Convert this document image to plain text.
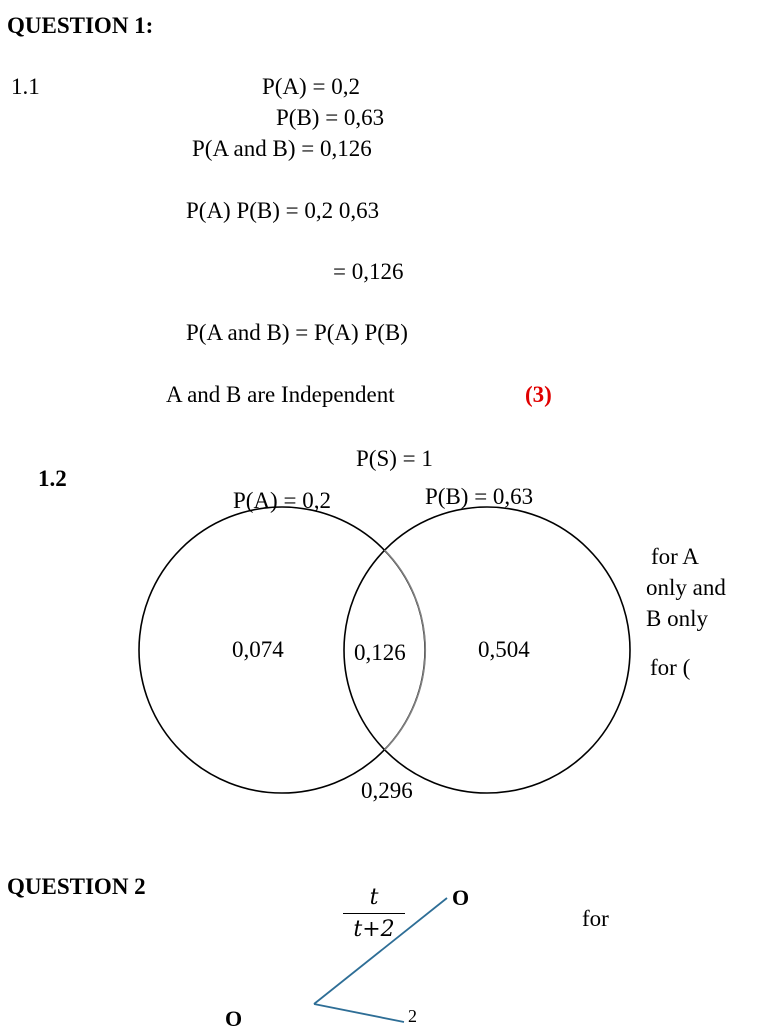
QUESTION 1:
1.1	P(A) = 0,2
P(B) = 0,63
P(A and B) = 0,126
P(A) P(B) = 0,2 0,63
= 0,126
P(A and B) = P(A) P(B)
A and B are Independent	(3)
1.2
P(S) = 1
P(A) = 0,2	P(B) = 0,63
0,074	0,126	0,504
0,296
for A
only and
B only
for (
QUESTION 2	t
t+2
O
for
O	2
